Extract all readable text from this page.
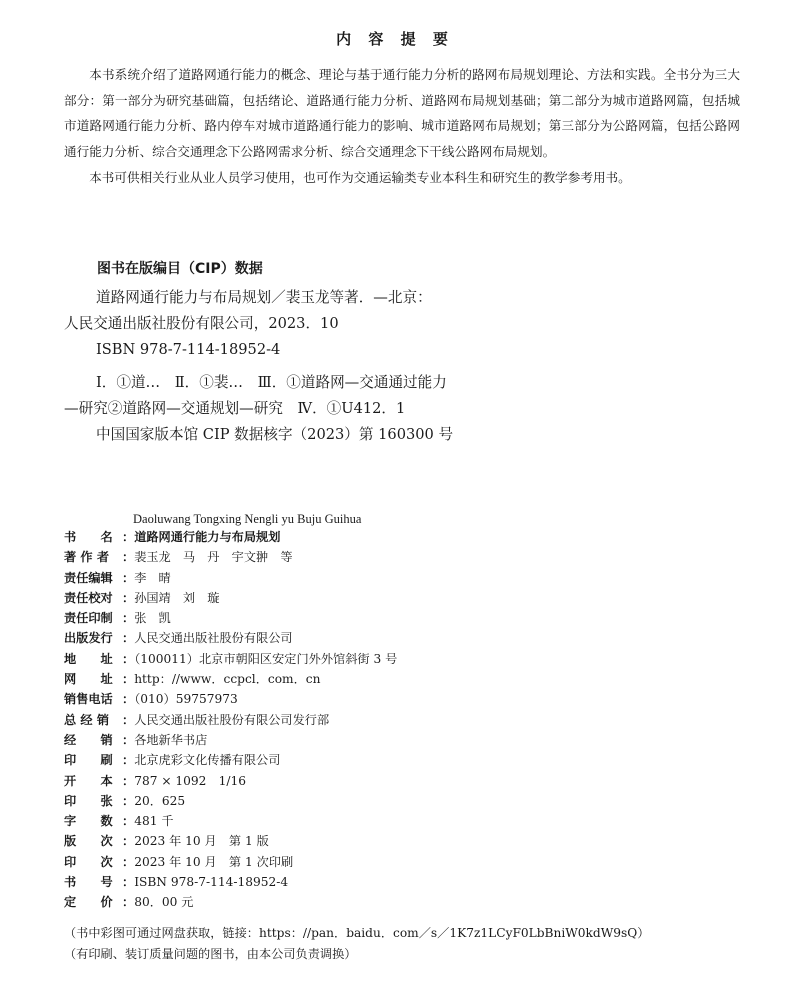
内 容 提 要

本书系统介绍了道路网通行能力的概念、理论与基于通行能力分析的路网布局规划理论、方法和实践。全书分为三大部分：第一部分为研究基础篇，包括绪论、道路通行能力分析、道路网布局规划基础；第二部分为城市道路网篇，包括城市道路网通行能力分析、路内停车对城市道路通行能力的影响、城市道路网布局规划；第三部分为公路网篇，包括公路网通行能力分析、综合交通理念下公路网需求分析、综合交通理念下干线公路网布局规划。

本书可供相关行业从业人员学习使用，也可作为交通运输类专业本科生和研究生的教学参考用书。

图书在版编目（CIP）数据
道路网通行能力与布局规划／裴玉龙等著．—北京：
人民交通出版社股份有限公司，2023．10
ISBN 978-7-114-18952-4
Ⅰ．①道…　Ⅱ．①裴…　Ⅲ．①道路网—交通通过能力
—研究②道路网—交通规划—研究　Ⅳ．①U412．1
中国国家版本馆 CIP 数据核字（2023）第 160300 号
Daoluwang Tongxing Nengli yu Buju Guihua
书　　名 ：道路网通行能力与布局规划
著 作 者 ：裴玉龙　马　丹　宇文翀　等
责任编辑 ：李　晴
责任校对 ：孙国靖　刘　璇
责任印制 ：张　凯
出版发行 ：人民交通出版社股份有限公司
地　　址 ：（100011）北京市朝阳区安定门外外馆斜街 3 号
网　　址 ：http：//www．ccpcl．com．cn
销售电话 ：（010）59757973
总 经 销 ：人民交通出版社股份有限公司发行部
经　　销 ：各地新华书店
印　　刷 ：北京虎彩文化传播有限公司
开　　本 ：787 × 1092　1/16
印　　张 ：20．625
字　　数 ：481 千
版　　次 ：2023 年 10 月　第 1 版
印　　次 ：2023 年 10 月　第 1 次印刷
书　　号 ：ISBN 978-7-114-18952-4
定　　价 ：80．00 元
（书中彩图可通过网盘获取，链接：https：//pan．baidu．com／s／1K7z1LCyF0LbBniW0kdW9sQ）
（有印刷、装订质量问题的图书，由本公司负责调换）
